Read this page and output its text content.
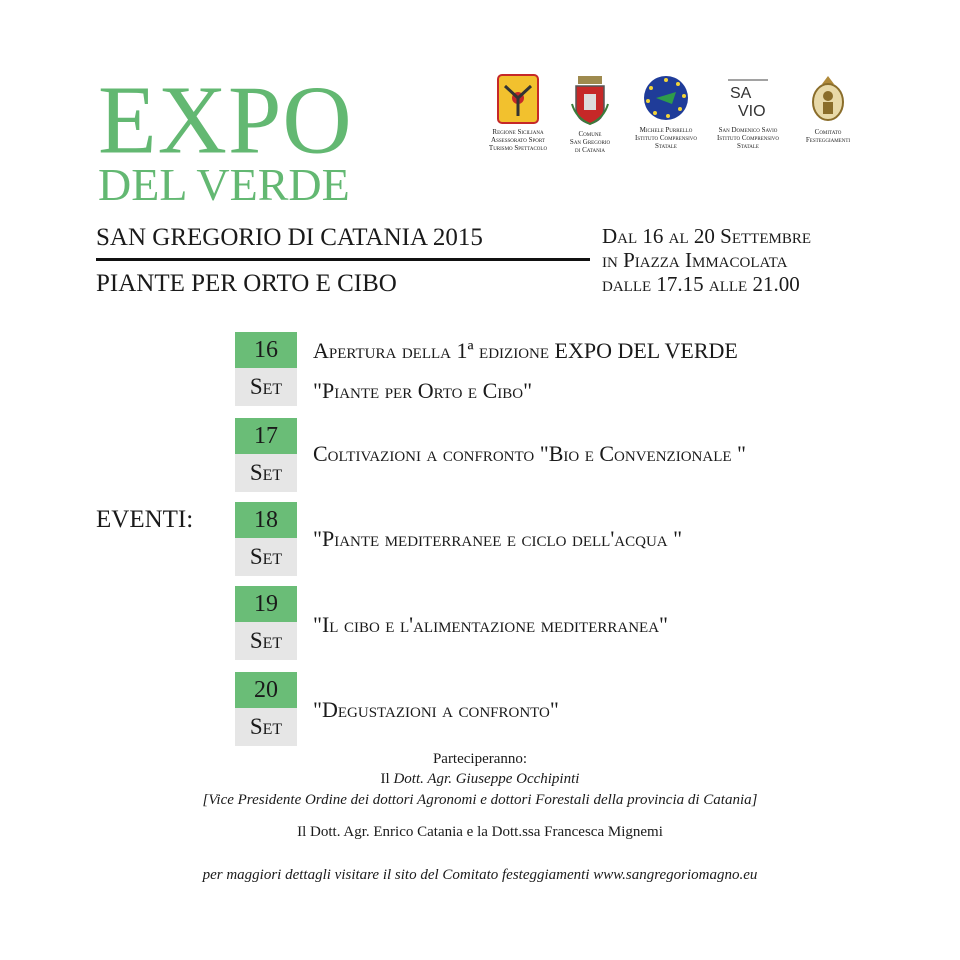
EXPO
DEL VERDE
Regione Siciliana
Assessorato Sport
Turismo Spettacolo
Comune
San Gregorio
di Catania
Michele Purrello
Istituto Comprensivo
Statale
SA
VIO
San Domenico Savio
Istituto Comprensivo
Statale
Comitato
Festeggiamenti
SAN GREGORIO DI CATANIA 2015
PIANTE PER ORTO E CIBO
Dal 16 al 20 Settembre
in Piazza Immacolata
dalle 17.15 alle 21.00
EVENTI:
16
Set
Apertura della 1ª edizione EXPO DEL VERDE
"Piante per Orto e Cibo"
17
Set
Coltivazioni a confronto "Bio e Convenzionale "
18
Set
"Piante mediterranee e ciclo dell'acqua "
19
Set
"Il cibo e l'alimentazione mediterranea"
20
Set
"Degustazioni a confronto"
Parteciperanno:
Il Dott. Agr. Giuseppe Occhipinti
[Vice Presidente Ordine dei dottori Agronomi e dottori Forestali della provincia di Catania]
Il Dott. Agr. Enrico Catania e la Dott.ssa Francesca Mignemi
per maggiori dettagli visitare il sito del Comitato festeggiamenti www.sangregoriomagno.eu
